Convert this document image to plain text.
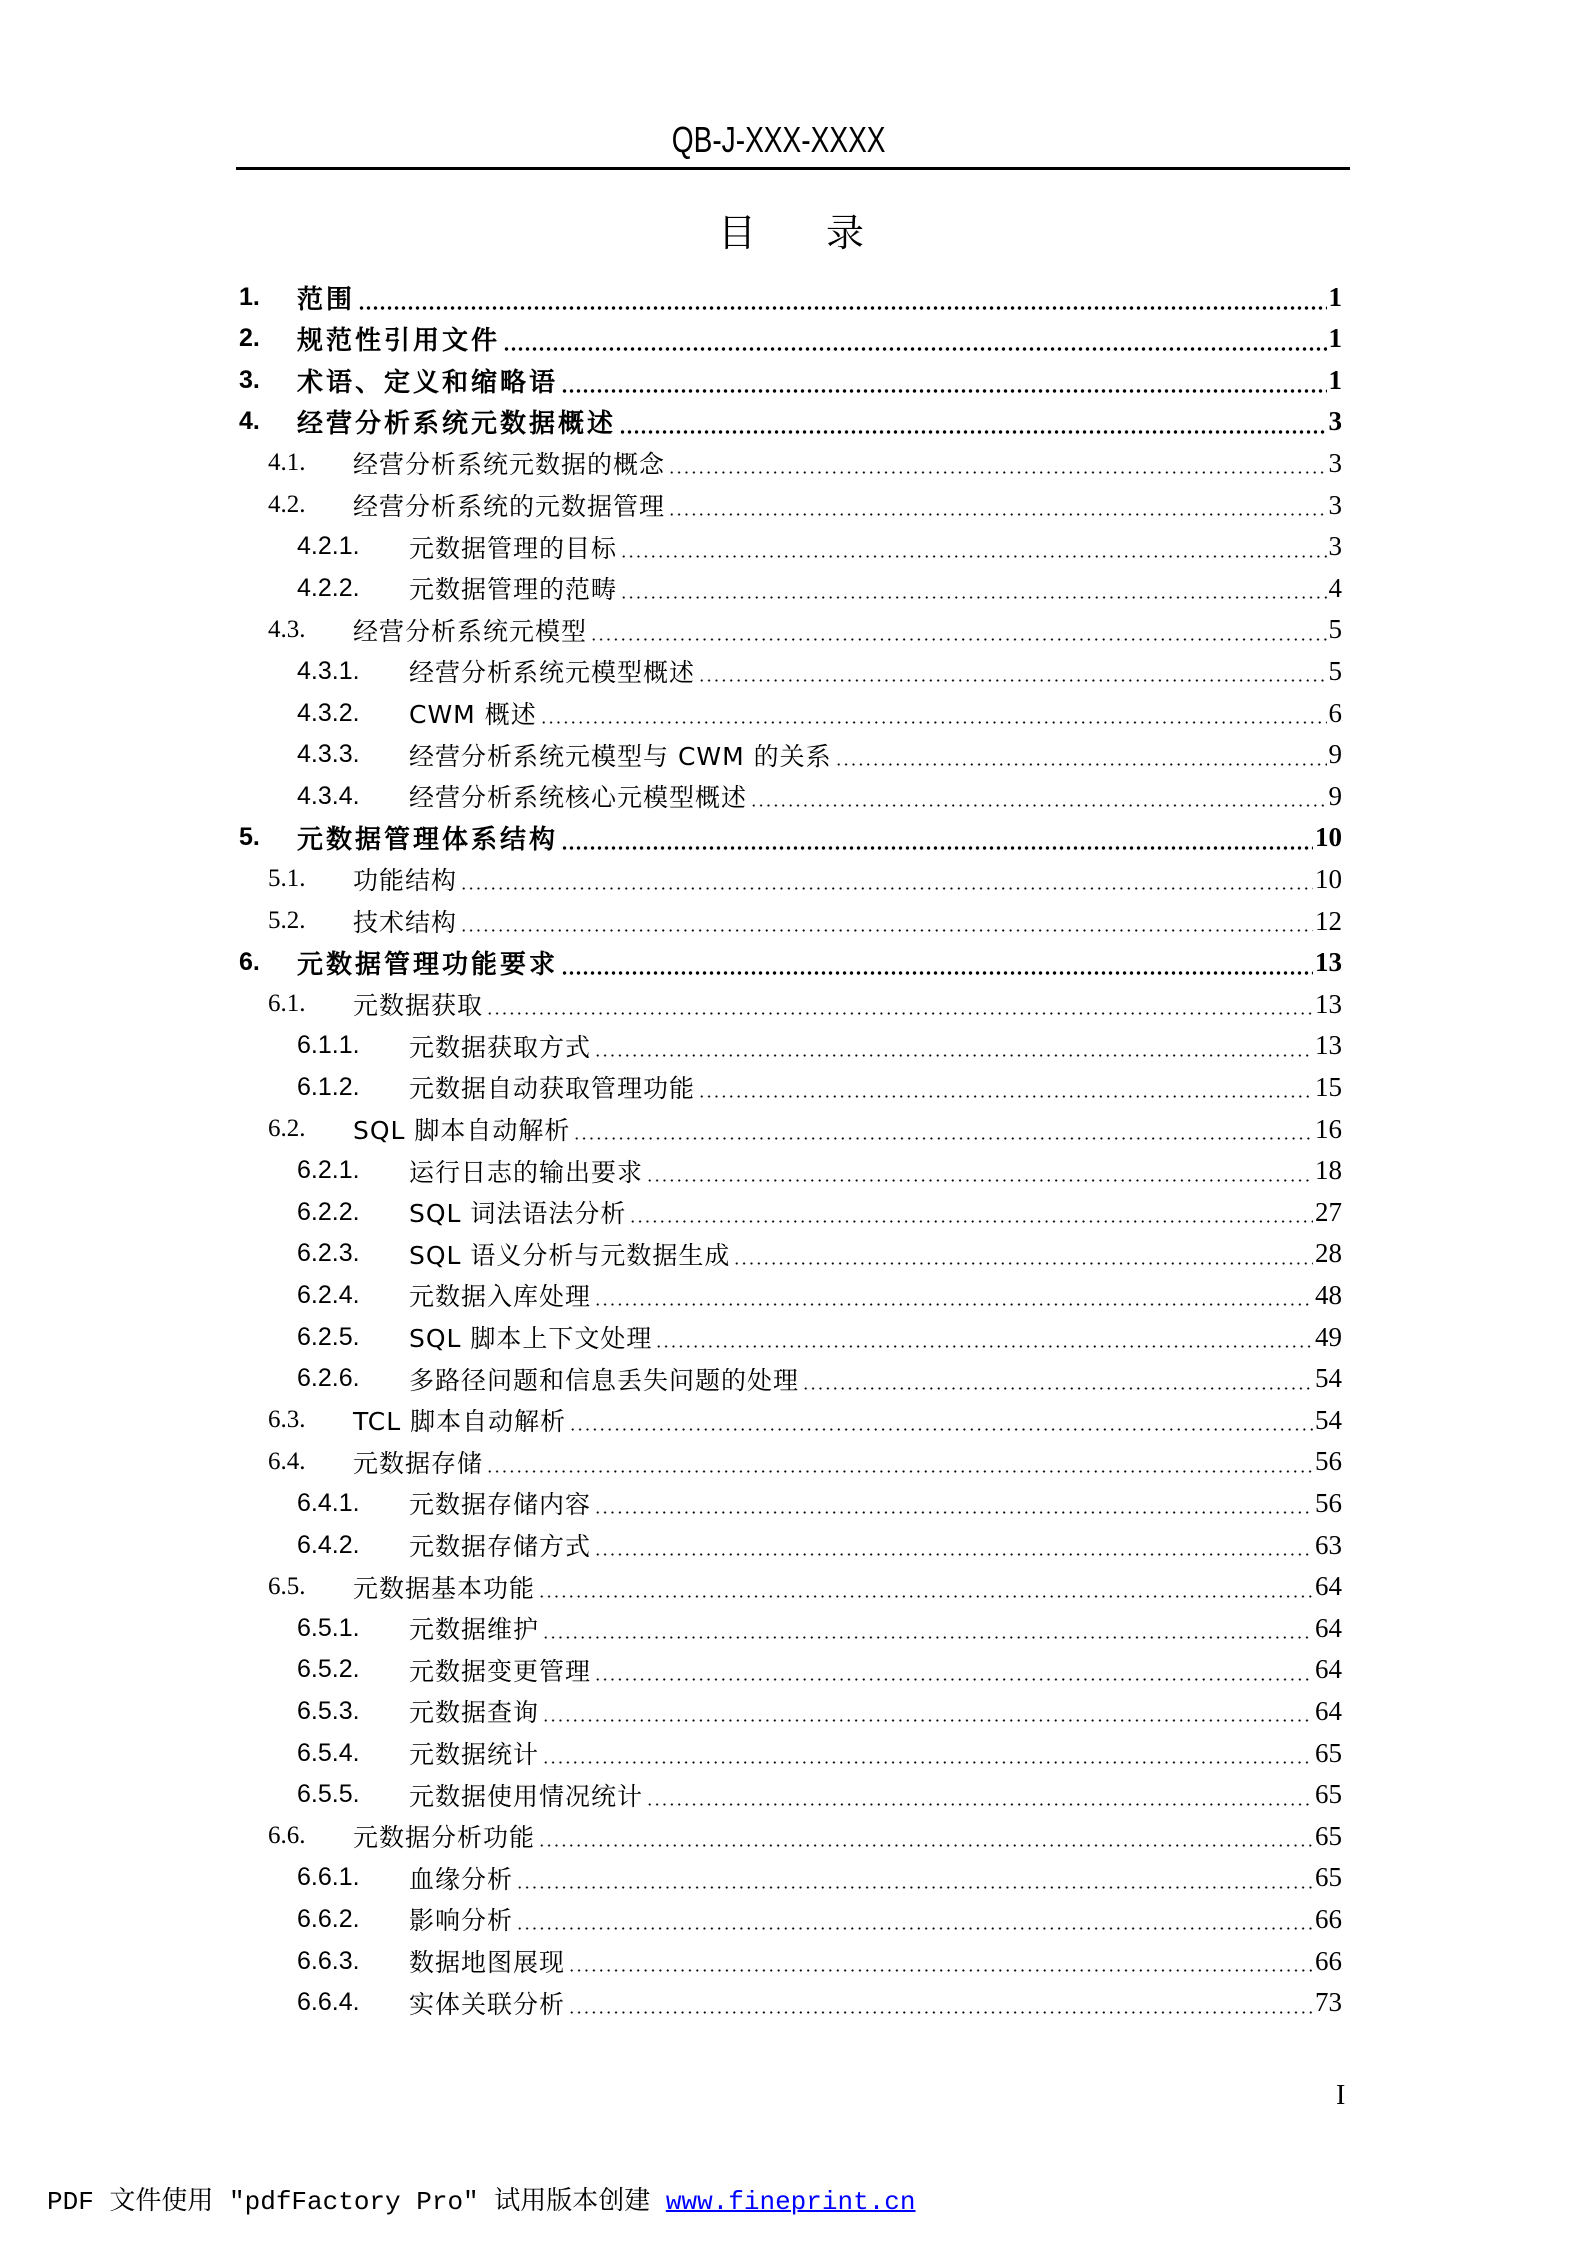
QB-J-XXX-XXXX
目 录
1. 范围	1
2. 规范性引用文件	1
3. 术语、定义和缩略语	1
4. 经营分析系统元数据概述	3
4.1. 经营分析系统元数据的概念	3
4.2. 经营分析系统的元数据管理	3
4.2.1. 元数据管理的目标	3
4.2.2. 元数据管理的范畴	4
4.3. 经营分析系统元模型	5
4.3.1. 经营分析系统元模型概述	5
4.3.2. CWM 概述	6
4.3.3. 经营分析系统元模型与 CWM 的关系	9
4.3.4. 经营分析系统核心元模型概述	9
5. 元数据管理体系结构	10
5.1. 功能结构	10
5.2. 技术结构	12
6. 元数据管理功能要求	13
6.1. 元数据获取	13
6.1.1. 元数据获取方式	13
6.1.2. 元数据自动获取管理功能	15
6.2. SQL 脚本自动解析	16
6.2.1. 运行日志的输出要求	18
6.2.2. SQL 词法语法分析	27
6.2.3. SQL 语义分析与元数据生成	28
6.2.4. 元数据入库处理	48
6.2.5. SQL 脚本上下文处理	49
6.2.6. 多路径问题和信息丢失问题的处理	54
6.3. TCL 脚本自动解析	54
6.4. 元数据存储	56
6.4.1. 元数据存储内容	56
6.4.2. 元数据存储方式	63
6.5. 元数据基本功能	64
6.5.1. 元数据维护	64
6.5.2. 元数据变更管理	64
6.5.3. 元数据查询	64
6.5.4. 元数据统计	65
6.5.5. 元数据使用情况统计	65
6.6. 元数据分析功能	65
6.6.1. 血缘分析	65
6.6.2. 影响分析	66
6.6.3. 数据地图展现	66
6.6.4. 实体关联分析	73
I
PDF 文件使用 "pdfFactory Pro" 试用版本创建 www.fineprint.cn
